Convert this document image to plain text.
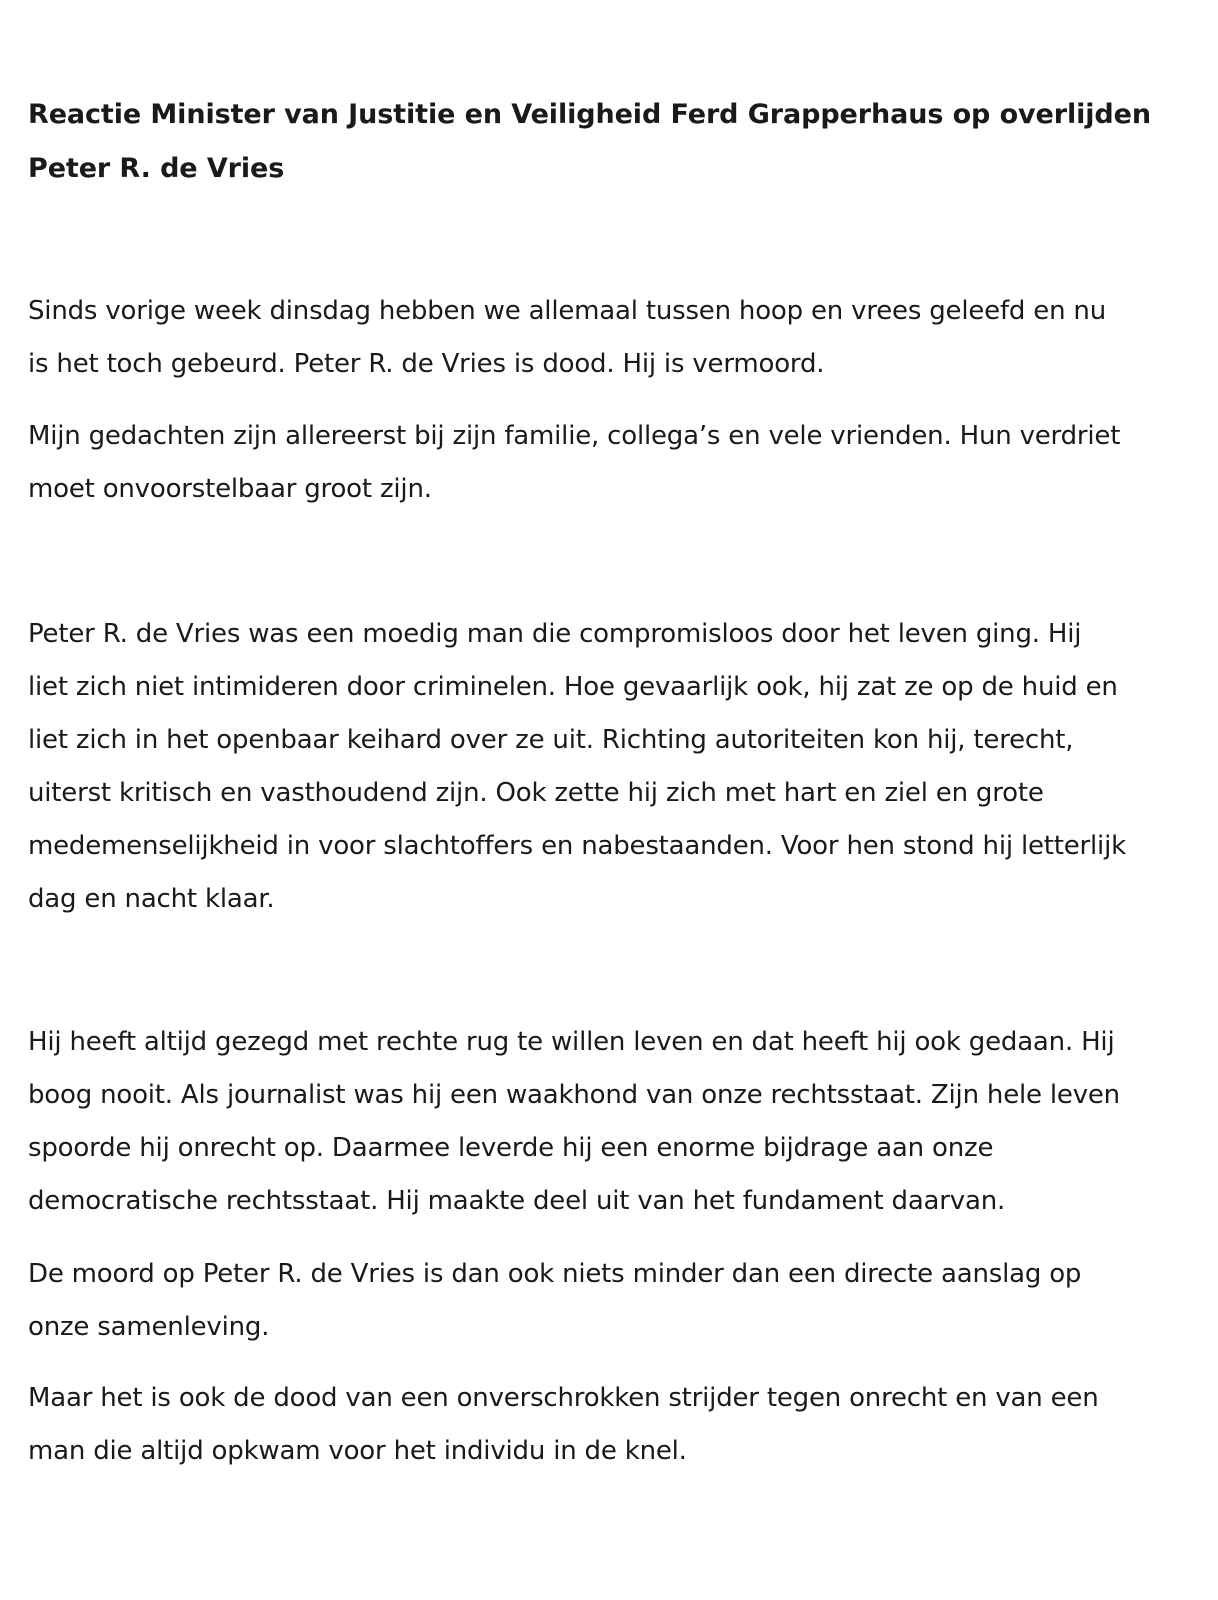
Reactie Minister van Justitie en Veiligheid Ferd Grapperhaus op overlijden
Peter R. de Vries

Sinds vorige week dinsdag hebben we allemaal tussen hoop en vrees geleefd en nu
is het toch gebeurd. Peter R. de Vries is dood. Hij is vermoord.

Mijn gedachten zijn allereerst bij zijn familie, collega’s en vele vrienden. Hun verdriet
moet onvoorstelbaar groot zijn.

Peter R. de Vries was een moedig man die compromisloos door het leven ging. Hij
liet zich niet intimideren door criminelen. Hoe gevaarlijk ook, hij zat ze op de huid en
liet zich in het openbaar keihard over ze uit. Richting autoriteiten kon hij, terecht,
uiterst kritisch en vasthoudend zijn. Ook zette hij zich met hart en ziel en grote
medemenselijkheid in voor slachtoffers en nabestaanden. Voor hen stond hij letterlijk
dag en nacht klaar.

Hij heeft altijd gezegd met rechte rug te willen leven en dat heeft hij ook gedaan. Hij
boog nooit. Als journalist was hij een waakhond van onze rechtsstaat. Zijn hele leven
spoorde hij onrecht op. Daarmee leverde hij een enorme bijdrage aan onze
democratische rechtsstaat. Hij maakte deel uit van het fundament daarvan.

De moord op Peter R. de Vries is dan ook niets minder dan een directe aanslag op
onze samenleving.

Maar het is ook de dood van een onverschrokken strijder tegen onrecht en van een
man die altijd opkwam voor het individu in de knel.
